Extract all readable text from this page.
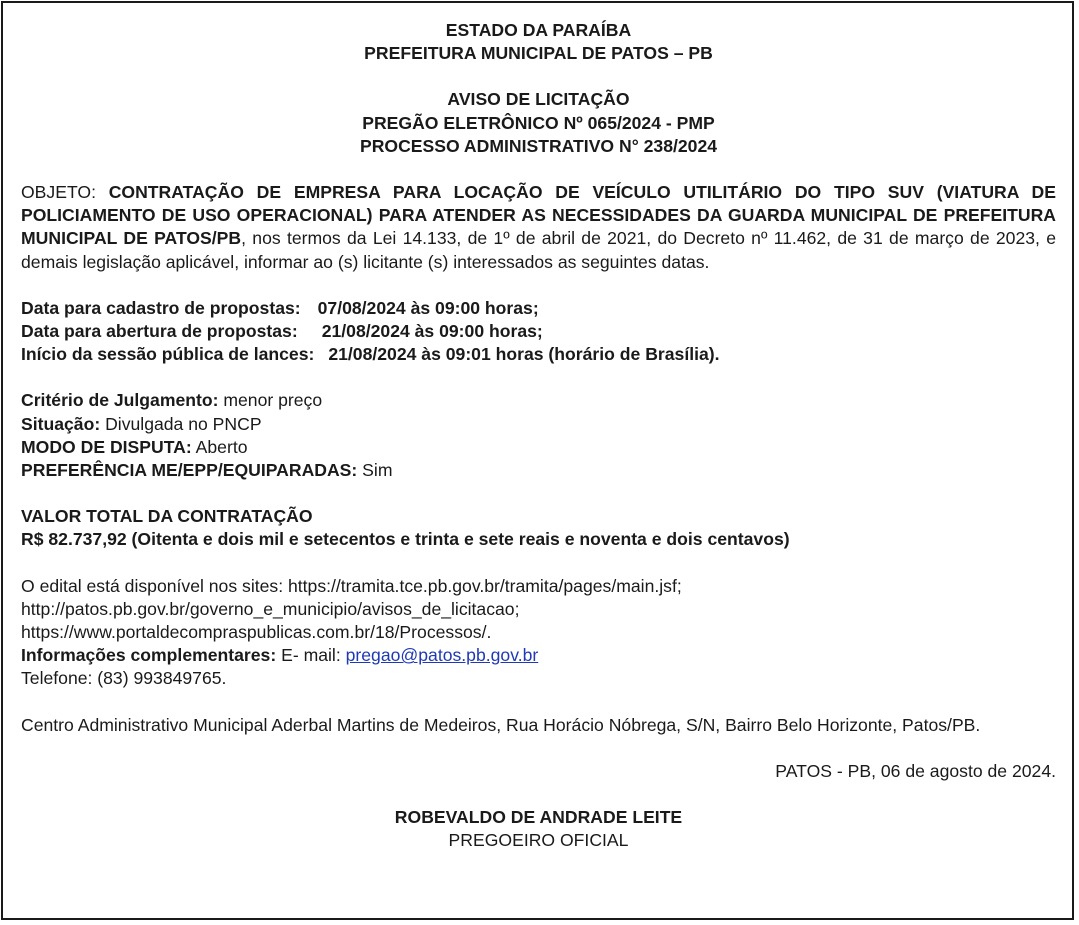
ESTADO DA PARAÍBA

PREFEITURA MUNICIPAL DE PATOS – PB

AVISO DE LICITAÇÃO

PREGÃO ELETRÔNICO Nº 065/2024 - PMP

PROCESSO ADMINISTRATIVO N° 238/2024

OBJETO: CONTRATAÇÃO DE EMPRESA PARA LOCAÇÃO DE VEÍCULO UTILITÁRIO DO TIPO SUV (VIATURA DE POLICIAMENTO DE USO OPERACIONAL) PARA ATENDER AS NECESSIDADES DA GUARDA MUNICIPAL DE PREFEITURA MUNICIPAL DE PATOS/PB, nos termos da Lei 14.133, de 1º de abril de 2021, do Decreto nº 11.462, de 31 de março de 2023, e demais legislação aplicável, informar ao (s) licitante (s) interessados as seguintes datas.

Data para cadastro de propostas: 07/08/2024 às 09:00 horas;

Data para abertura de propostas: 21/08/2024 às 09:00 horas;

Início da sessão pública de lances: 21/08/2024 às 09:01 horas (horário de Brasília).

Critério de Julgamento: menor preço

Situação: Divulgada no PNCP

MODO DE DISPUTA: Aberto

PREFERÊNCIA ME/EPP/EQUIPARADAS: Sim

VALOR TOTAL DA CONTRATAÇÃO

R$ 82.737,92 (Oitenta e dois mil e setecentos e trinta e sete reais e noventa e dois centavos)

O edital está disponível nos sites: https://tramita.tce.pb.gov.br/tramita/pages/main.jsf;

http://patos.pb.gov.br/governo_e_municipio/avisos_de_licitacao;

https://www.portaldecompraspublicas.com.br/18/Processos/.

Informações complementares: E- mail: pregao@patos.pb.gov.br

Telefone: (83) 993849765.

Centro Administrativo Municipal Aderbal Martins de Medeiros, Rua Horácio Nóbrega, S/N, Bairro Belo Horizonte, Patos/PB.

PATOS - PB, 06 de agosto de 2024.

ROBEVALDO DE ANDRADE LEITE

PREGOEIRO OFICIAL
